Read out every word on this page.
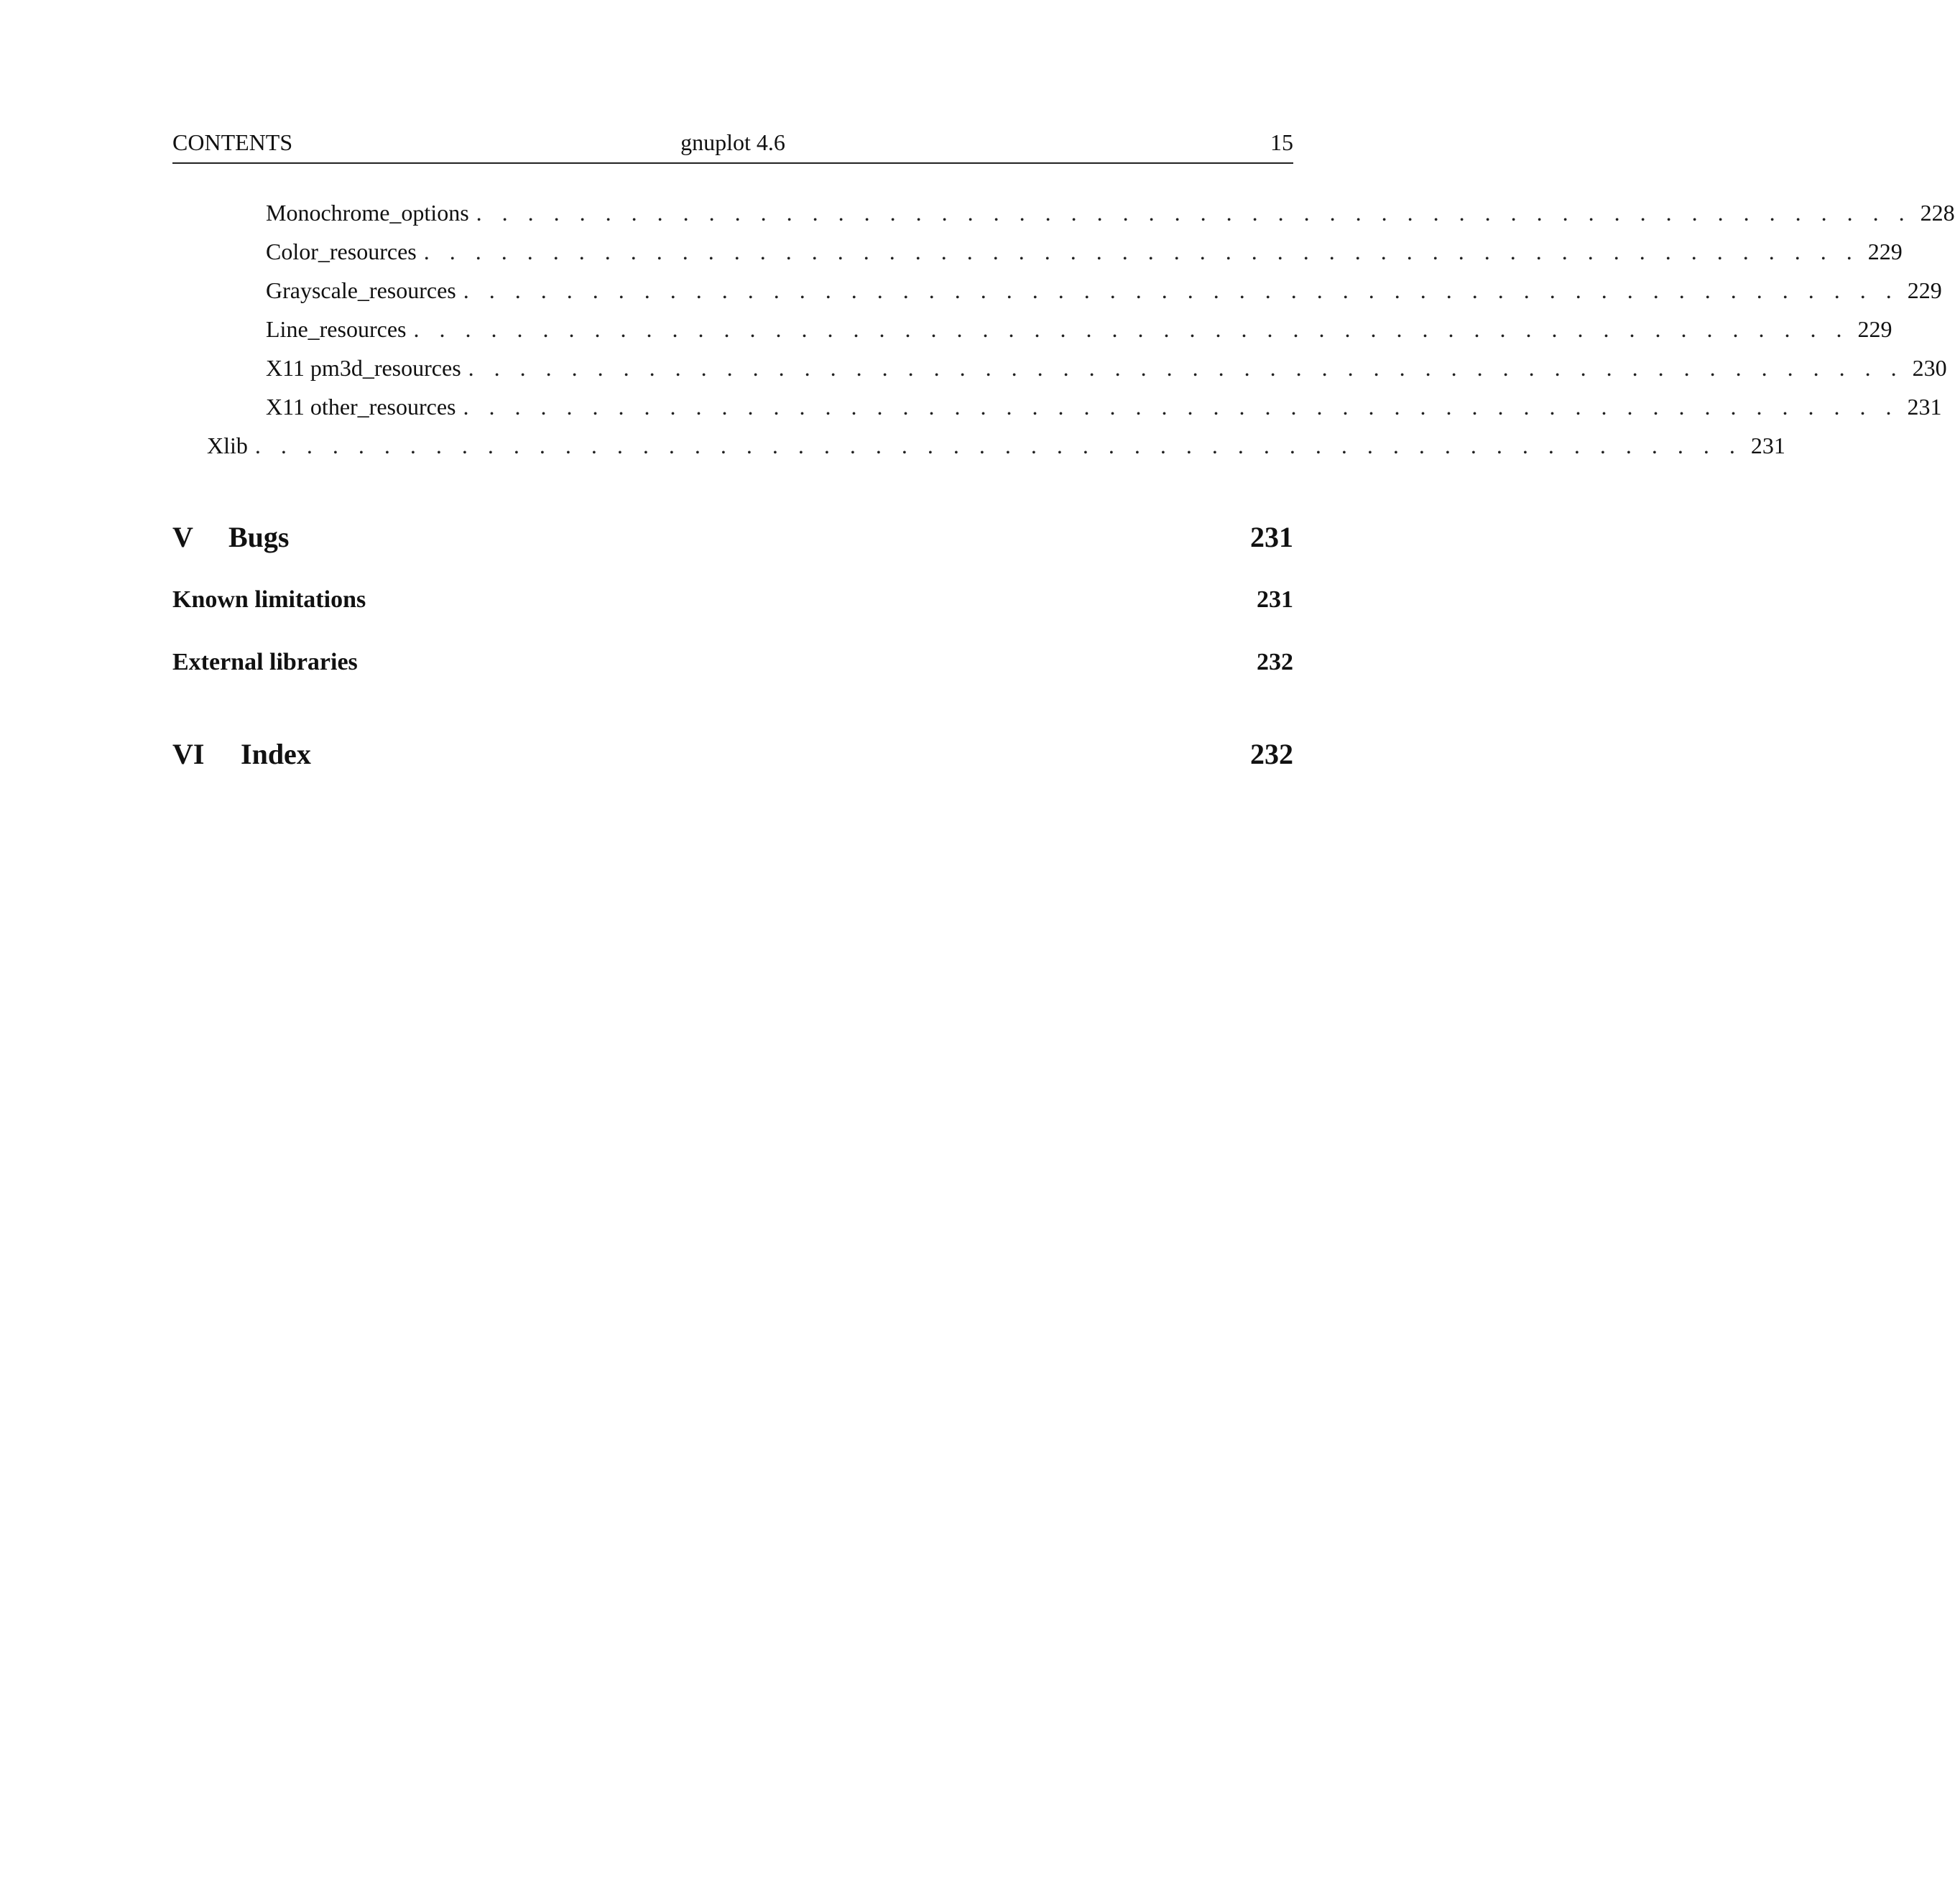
CONTENTS	gnuplot 4.6	15
Monochrome_options . . . . . . . . . . . . . . . . . . . . . . . . . . . . . . . . . . . . . . . . . . . . . . . . . . . . . . . . 228
Color_resources . . . . . . . . . . . . . . . . . . . . . . . . . . . . . . . . . . . . . . . . . . . . . . . . . . . . . . . . 229
Grayscale_resources . . . . . . . . . . . . . . . . . . . . . . . . . . . . . . . . . . . . . . . . . . . . . . . . . . . . . . . . 229
Line_resources . . . . . . . . . . . . . . . . . . . . . . . . . . . . . . . . . . . . . . . . . . . . . . . . . . . . . . . . 229
X11 pm3d_resources . . . . . . . . . . . . . . . . . . . . . . . . . . . . . . . . . . . . . . . . . . . . . . . . . . . . . . . . 230
X11 other_resources . . . . . . . . . . . . . . . . . . . . . . . . . . . . . . . . . . . . . . . . . . . . . . . . . . . . . . . . 231
Xlib . . . . . . . . . . . . . . . . . . . . . . . . . . . . . . . . . . . . . . . . . . . . . . . . . . . . . . . . . . 231
V Bugs	231
Known limitations	231
External libraries	232
VI Index	232
